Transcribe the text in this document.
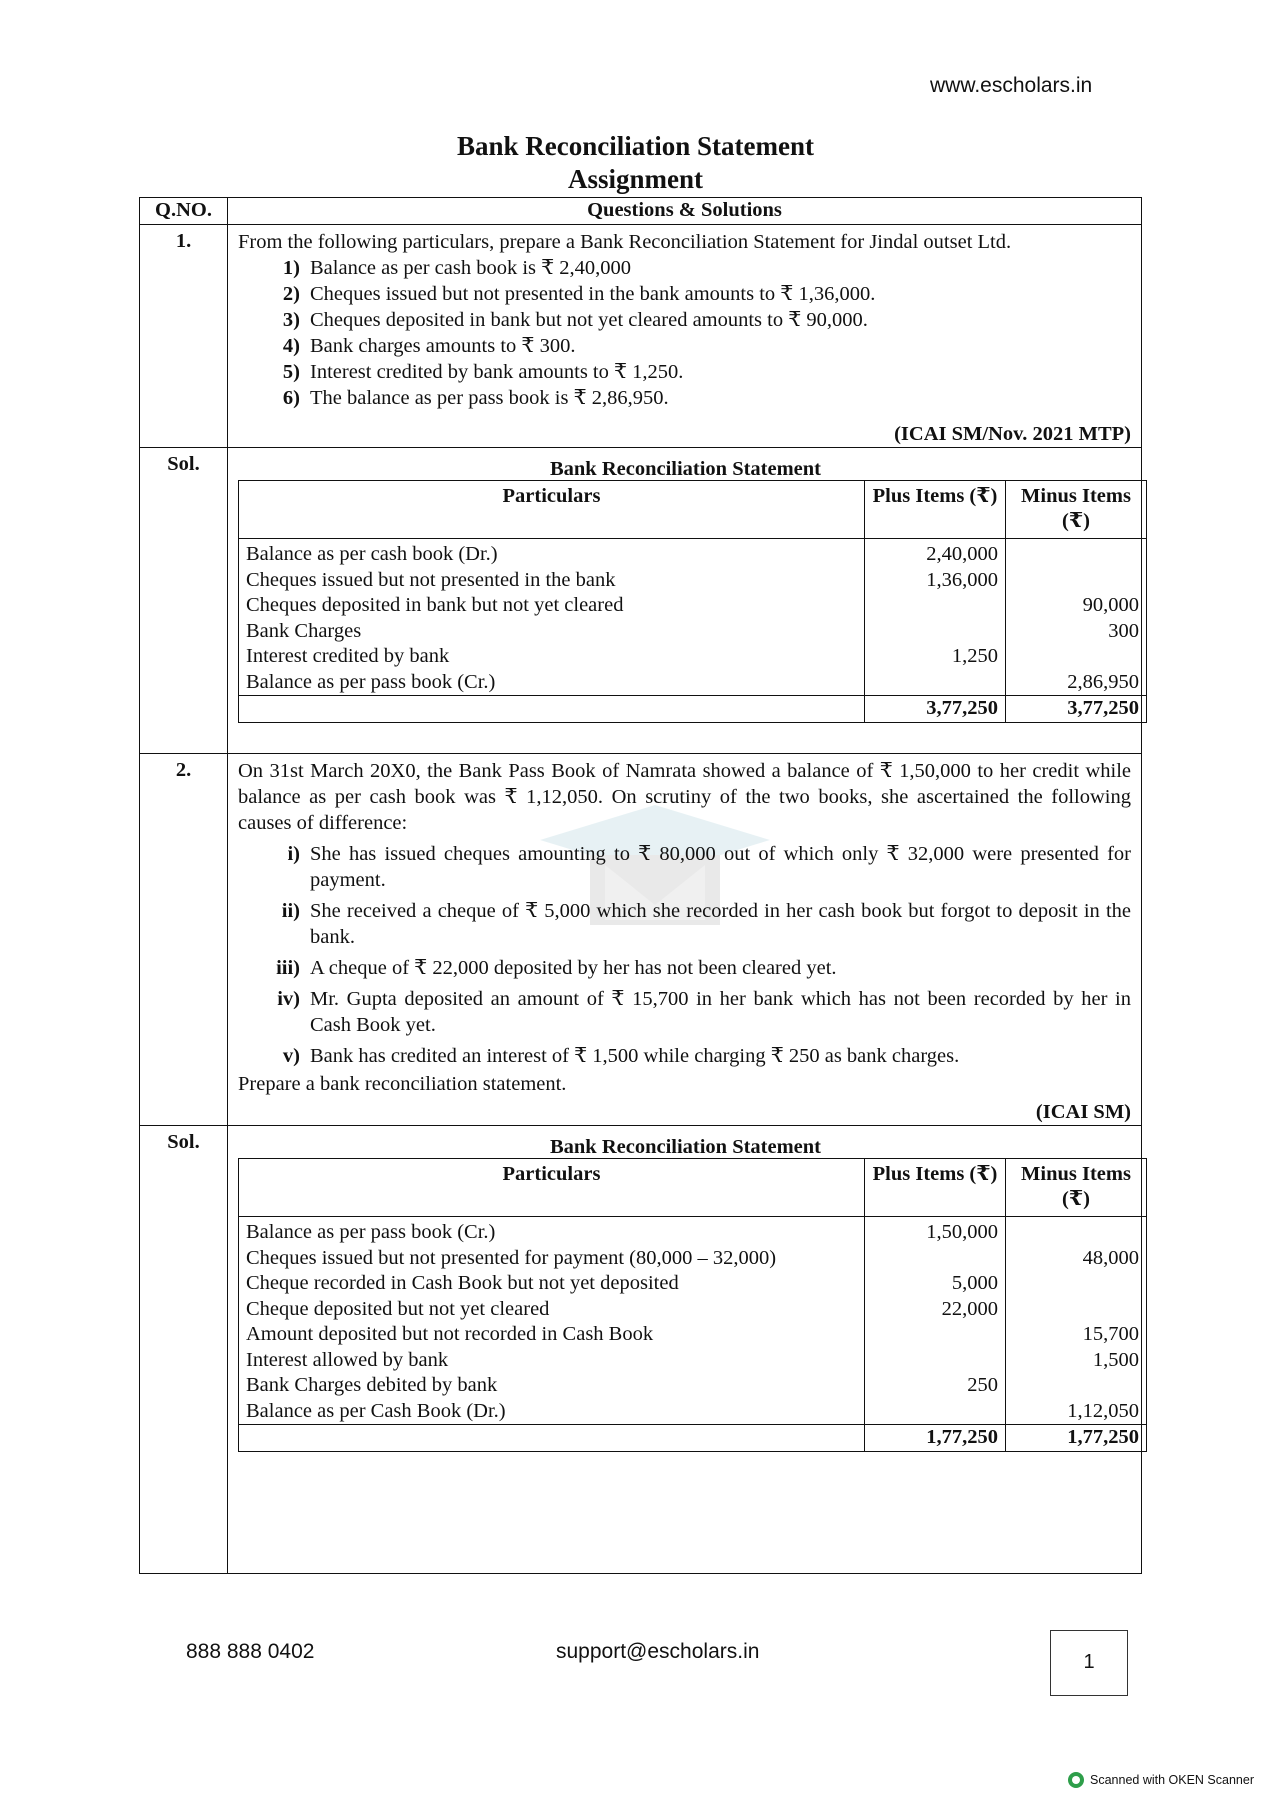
www.escholars.in
Bank Reconciliation Statement
Assignment
Q.NO.	Questions & Solutions
1.	From the following particulars, prepare a Bank Reconciliation Statement for Jindal outset Ltd.
1) Balance as per cash book is ₹ 2,40,000
2) Cheques issued but not presented in the bank amounts to ₹ 1,36,000.
3) Cheques deposited in bank but not yet cleared amounts to ₹ 90,000.
4) Bank charges amounts to ₹ 300.
5) Interest credited by bank amounts to ₹ 1,250.
6) The balance as per pass book is ₹ 2,86,950.
(ICAI SM/Nov. 2021 MTP)

Sol.	Bank Reconciliation Statement
Particulars	Plus Items (₹)	Minus Items (₹)
Balance as per cash book (Dr.)	2,40,000	
Cheques issued but not presented in the bank	1,36,000	
Cheques deposited in bank but not yet cleared		90,000
Bank Charges		300
Interest credited by bank	1,250	
Balance as per pass book (Cr.)		2,86,950
	3,77,250	3,77,250

2.	On 31st March 20X0, the Bank Pass Book of Namrata showed a balance of ₹ 1,50,000 to her credit while balance as per cash book was ₹ 1,12,050. On scrutiny of the two books, she ascertained the following causes of difference:
i) She has issued cheques amounting to ₹ 80,000 out of which only ₹ 32,000 were presented for payment.
ii) She received a cheque of ₹ 5,000 which she recorded in her cash book but forgot to deposit in the bank.
iii) A cheque of ₹ 22,000 deposited by her has not been cleared yet.
iv) Mr. Gupta deposited an amount of ₹ 15,700 in her bank which has not been recorded by her in Cash Book yet.
v) Bank has credited an interest of ₹ 1,500 while charging ₹ 250 as bank charges.
Prepare a bank reconciliation statement.
(ICAI SM)

Sol.	Bank Reconciliation Statement
Particulars	Plus Items (₹)	Minus Items (₹)
Balance as per pass book (Cr.)	1,50,000	
Cheques issued but not presented for payment (80,000 – 32,000)		48,000
Cheque recorded in Cash Book but not yet deposited	5,000	
Cheque deposited but not yet cleared	22,000	
Amount deposited but not recorded in Cash Book		15,700
Interest allowed by bank		1,500
Bank Charges debited by bank	250	
Balance as per Cash Book (Dr.)		1,12,050
	1,77,250	1,77,250
888 888 0402	support@escholars.in	1
Scanned with OKEN Scanner
